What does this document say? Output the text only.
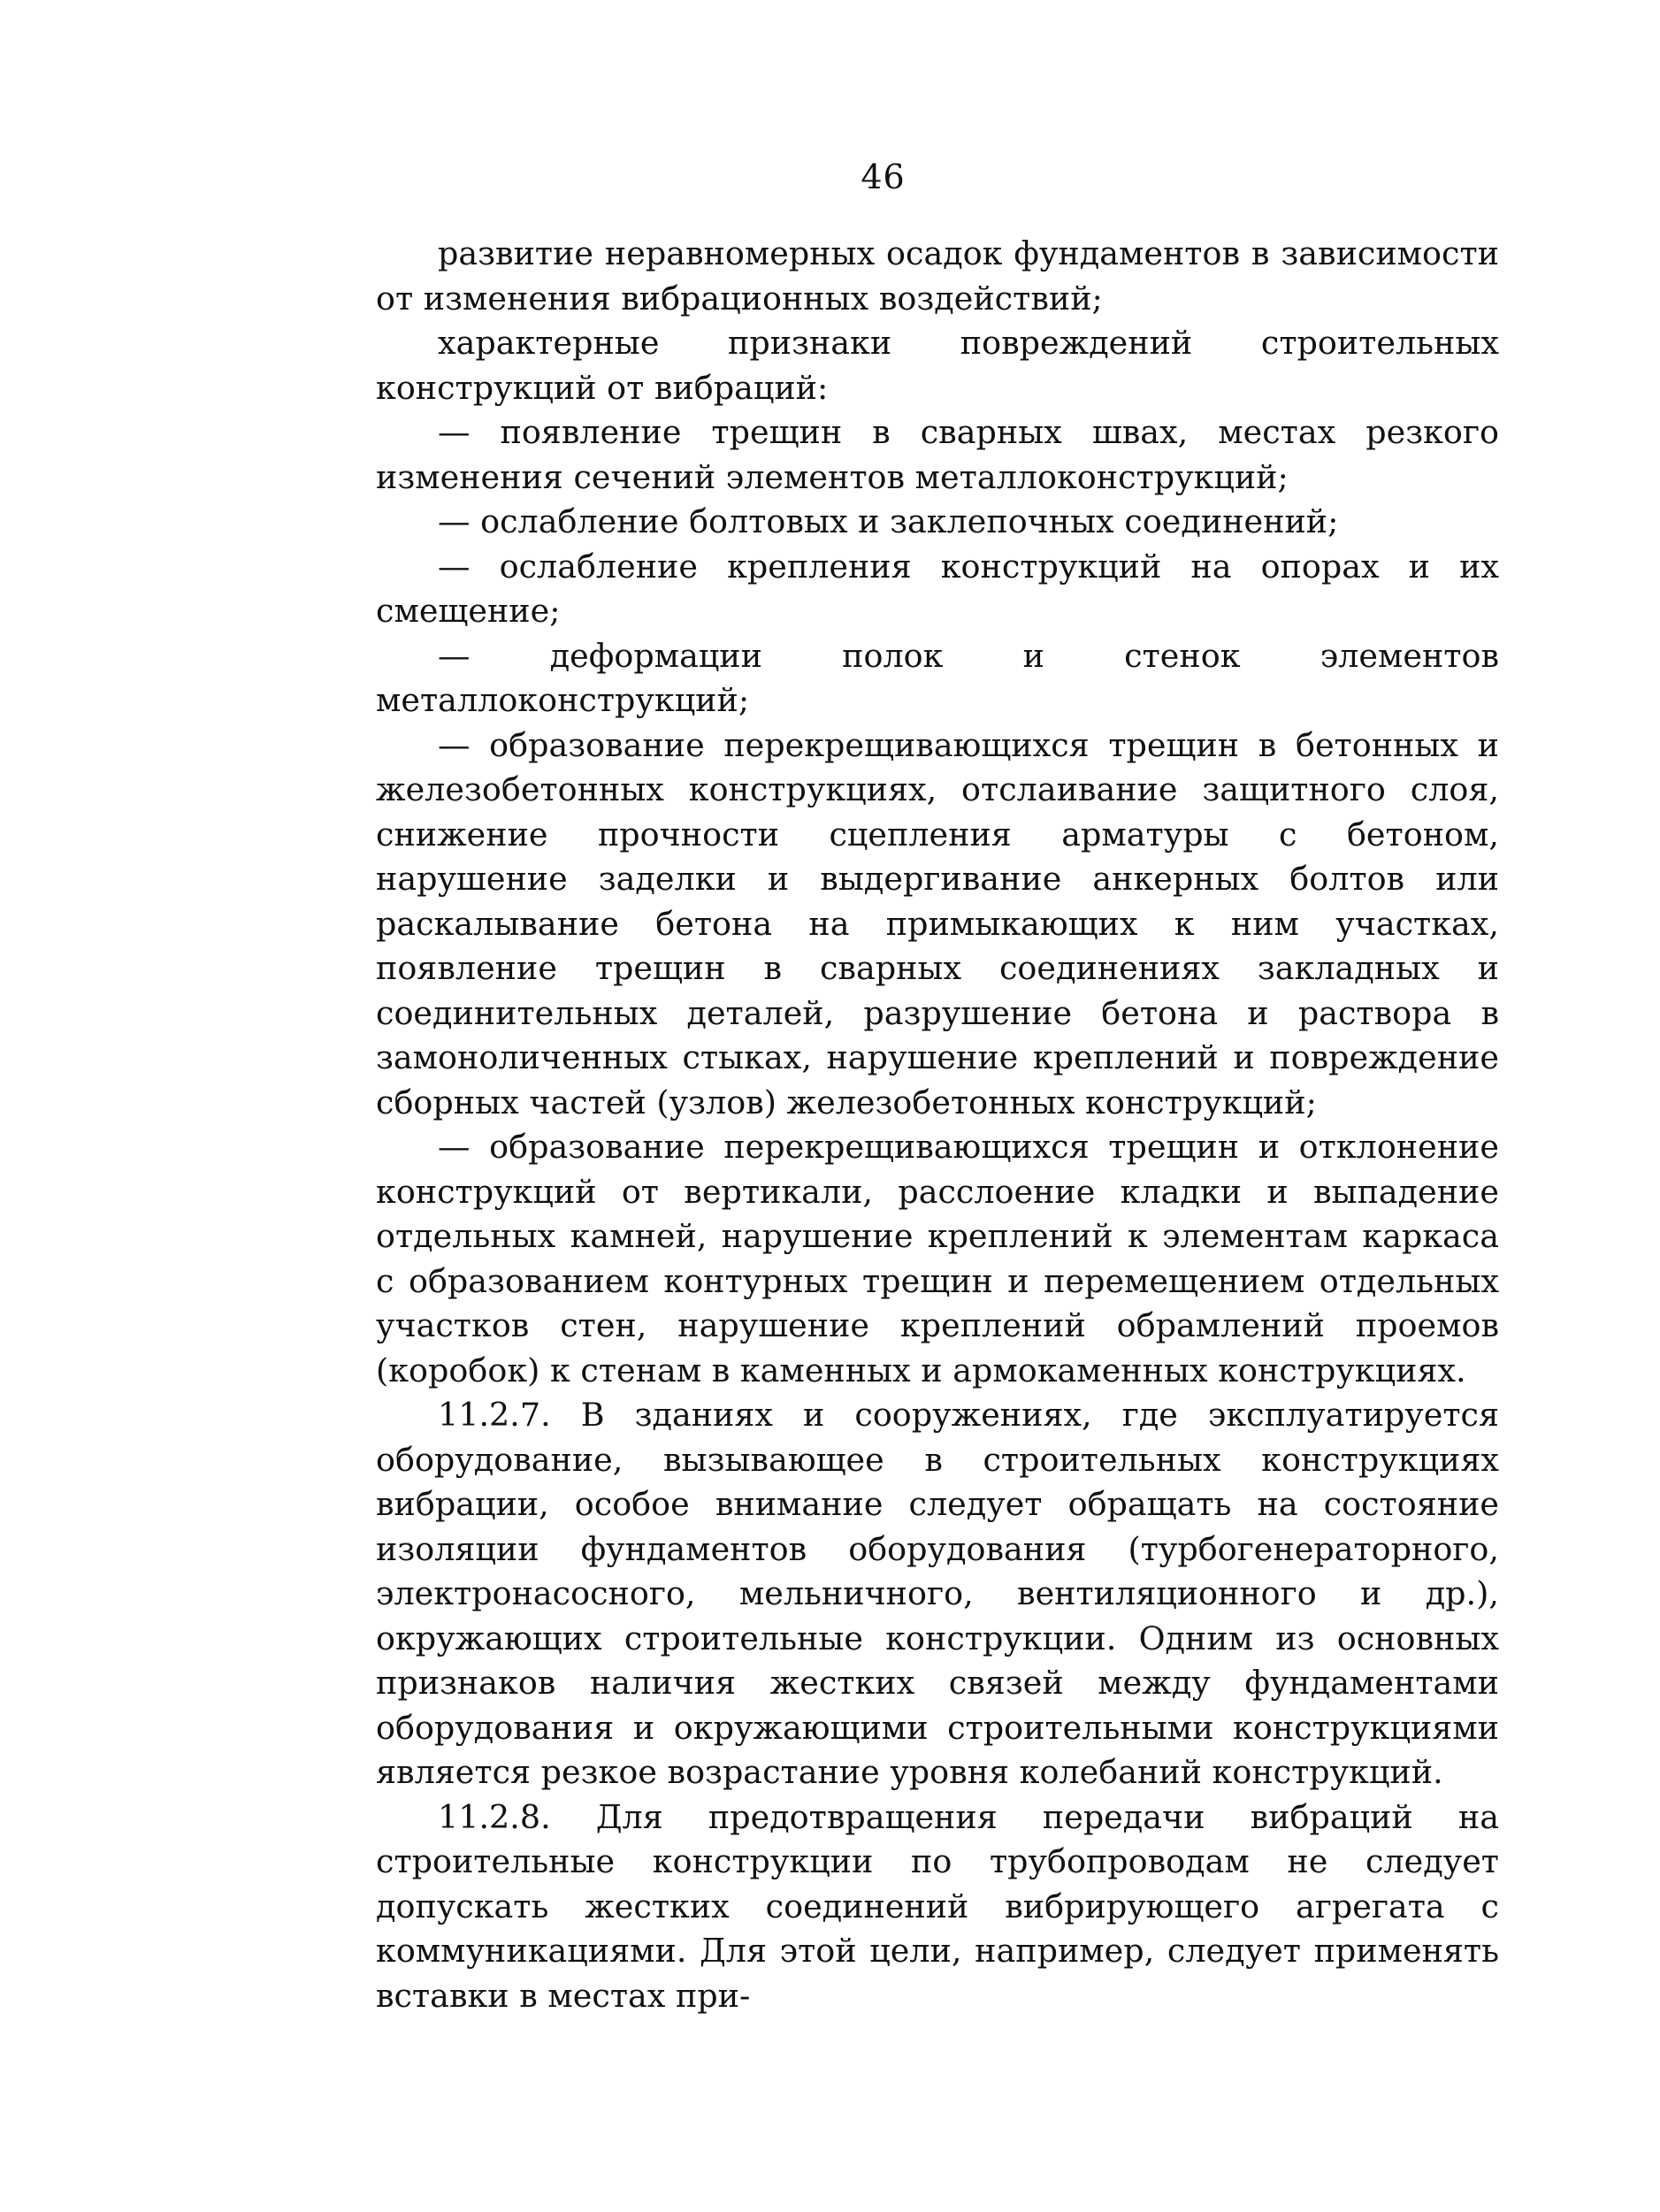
46

развитие неравномерных осадок фундаментов в зависимости от изменения вибрационных воздействий;

характерные признаки повреждений строительных конструкций от вибраций:

— появление трещин в сварных швах, местах резкого изменения сечений элементов металлоконструкций;

— ослабление болтовых и заклепочных соединений;

— ослабление крепления конструкций на опорах и их смещение;

— деформации полок и стенок элементов металлоконструкций;

— образование перекрещивающихся трещин в бетонных и железобетонных конструкциях, отслаивание защитного слоя, снижение прочности сцепления арматуры с бетоном, нарушение заделки и выдергивание анкерных болтов или раскалывание бетона на примыкающих к ним участках, появление трещин в сварных соединениях закладных и соединительных деталей, разрушение бетона и раствора в замоноличенных стыках, нарушение креплений и повреждение сборных частей (узлов) железобетонных конструкций;

— образование перекрещивающихся трещин и отклонение конструкций от вертикали, расслоение кладки и выпадение отдельных камней, нарушение креплений к элементам каркаса с образованием контурных трещин и перемещением отдельных участков стен, нарушение креплений обрамлений проемов (коробок) к стенам в каменных и армокаменных конструкциях.

11.2.7. В зданиях и сооружениях, где эксплуатируется оборудование, вызывающее в строительных конструкциях вибрации, особое внимание следует обращать на состояние изоляции фундаментов оборудования (турбогенераторного, электронасосного, мельничного, вентиляционного и др.), окружающих строительные конструкции. Одним из основных признаков наличия жестких связей между фундаментами оборудования и окружающими строительными конструкциями является резкое возрастание уровня колебаний конструкций.

11.2.8. Для предотвращения передачи вибраций на строительные конструкции по трубопроводам не следует допускать жестких соединений вибрирующего агрегата с коммуникациями. Для этой цели, например, следует применять вставки в местах при-
